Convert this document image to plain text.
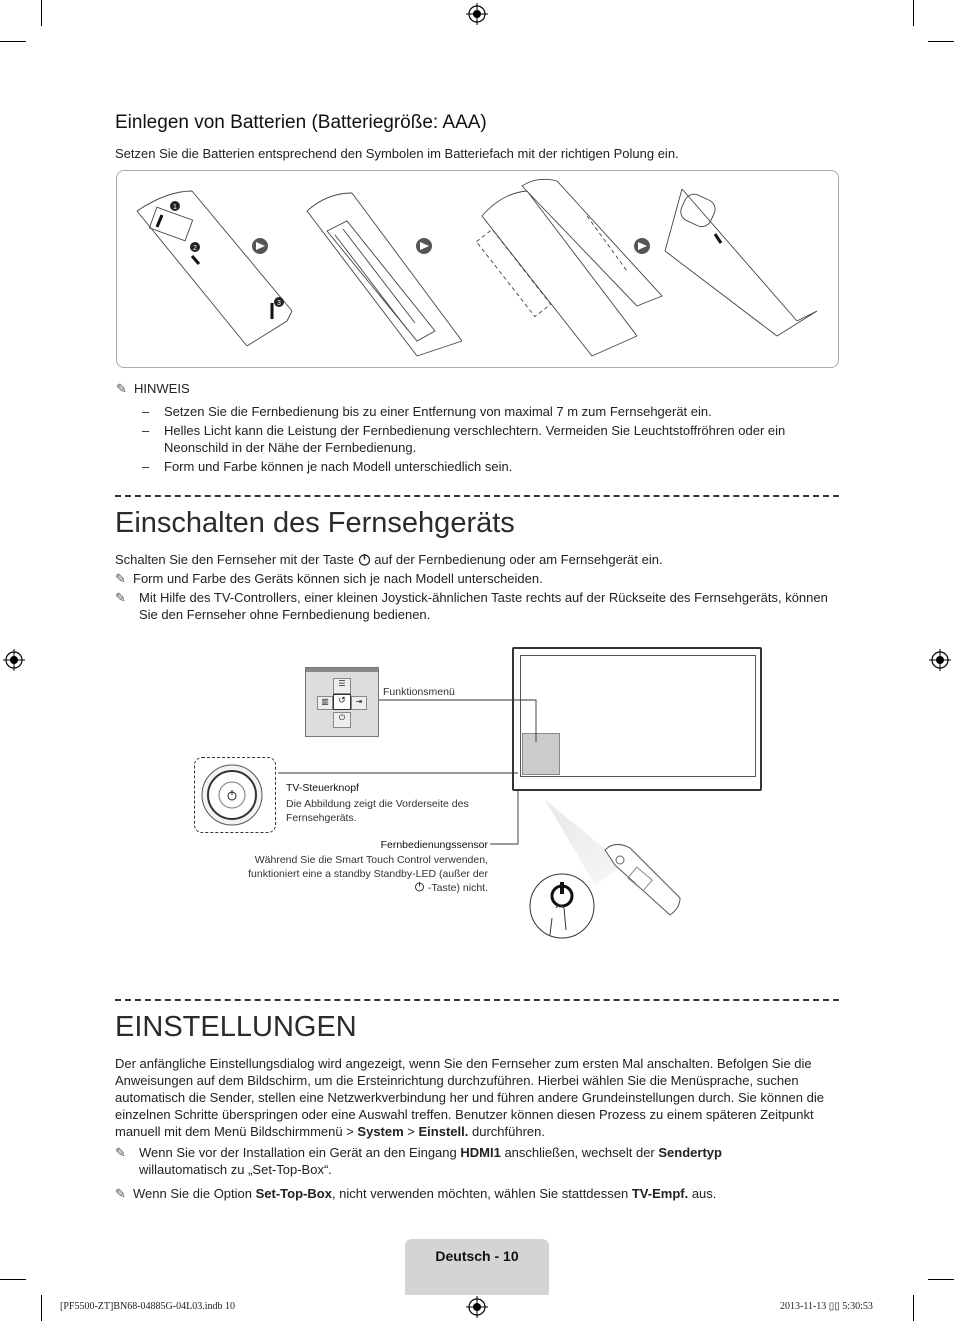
Einlegen von Batterien (Batteriegröße: AAA)
Setzen Sie die Batterien entsprechend den Symbolen im Batteriefach mit der richtigen Polung ein.
1
2
3
✎ HINWEIS
– Setzen Sie die Fernbedienung bis zu einer Entfernung von maximal 7 m zum Fernsehgerät ein.
– Helles Licht kann die Leistung der Fernbedienung verschlechtern. Vermeiden Sie Leuchtstoffröhren oder ein Neonschild in der Nähe der Fernbedienung.
– Form und Farbe können je nach Modell unterschiedlich sein.
Einschalten des Fernsehgeräts
Schalten Sie den Fernseher mit der Taste auf der Fernbedienung oder am Fernsehgerät ein.
✎ Form und Farbe des Geräts können sich je nach Modell unterscheiden.
✎	Mit Hilfe des TV-Controllers, einer kleinen Joystick-ähnlichen Taste rechts auf der Rückseite des Fernsehgeräts, können Sie den Fernseher ohne Fernbedienung bedienen.
☰
▥	↺	⇥
⏻
Funktionsmenü
TV-Steuerknopf
Die Abbildung zeigt die Vorderseite des Fernsehgeräts.
Fernbedienungssensor
Während Sie die Smart Touch Control verwenden, funktioniert eine a standby Standby-LED (außer der  -Taste) nicht.
EINSTELLUNGEN
Der anfängliche Einstellungsdialog wird angezeigt, wenn Sie den Fernseher zum ersten Mal anschalten. Befolgen Sie die Anweisungen auf dem Bildschirm, um die Ersteinrichtung durchzuführen. Hierbei wählen Sie die Menüsprache, suchen automatisch die Sender, stellen eine Netzwerkverbindung her und führen andere Grundeinstellungen durch. Sie können die einzelnen Schritte überspringen oder eine Auswahl treffen. Benutzer können diesen Prozess zu einem späteren Zeitpunkt manuell mit dem Menü Bildschirmmenü > System > Einstell. durchführen.
✎	Wenn Sie vor der Installation ein Gerät an den Eingang HDMI1 anschließen, wechselt der Sendertyp
willautomatisch zu „Set-Top-Box“.
✎ Wenn Sie die Option Set-Top-Box, nicht verwenden möchten, wählen Sie stattdessen TV-Empf. aus.
Deutsch - 10
[PF5500-ZT]BN68-04885G-04L03.indb 10	2013-11-13 ▯▯ 5:30:53
